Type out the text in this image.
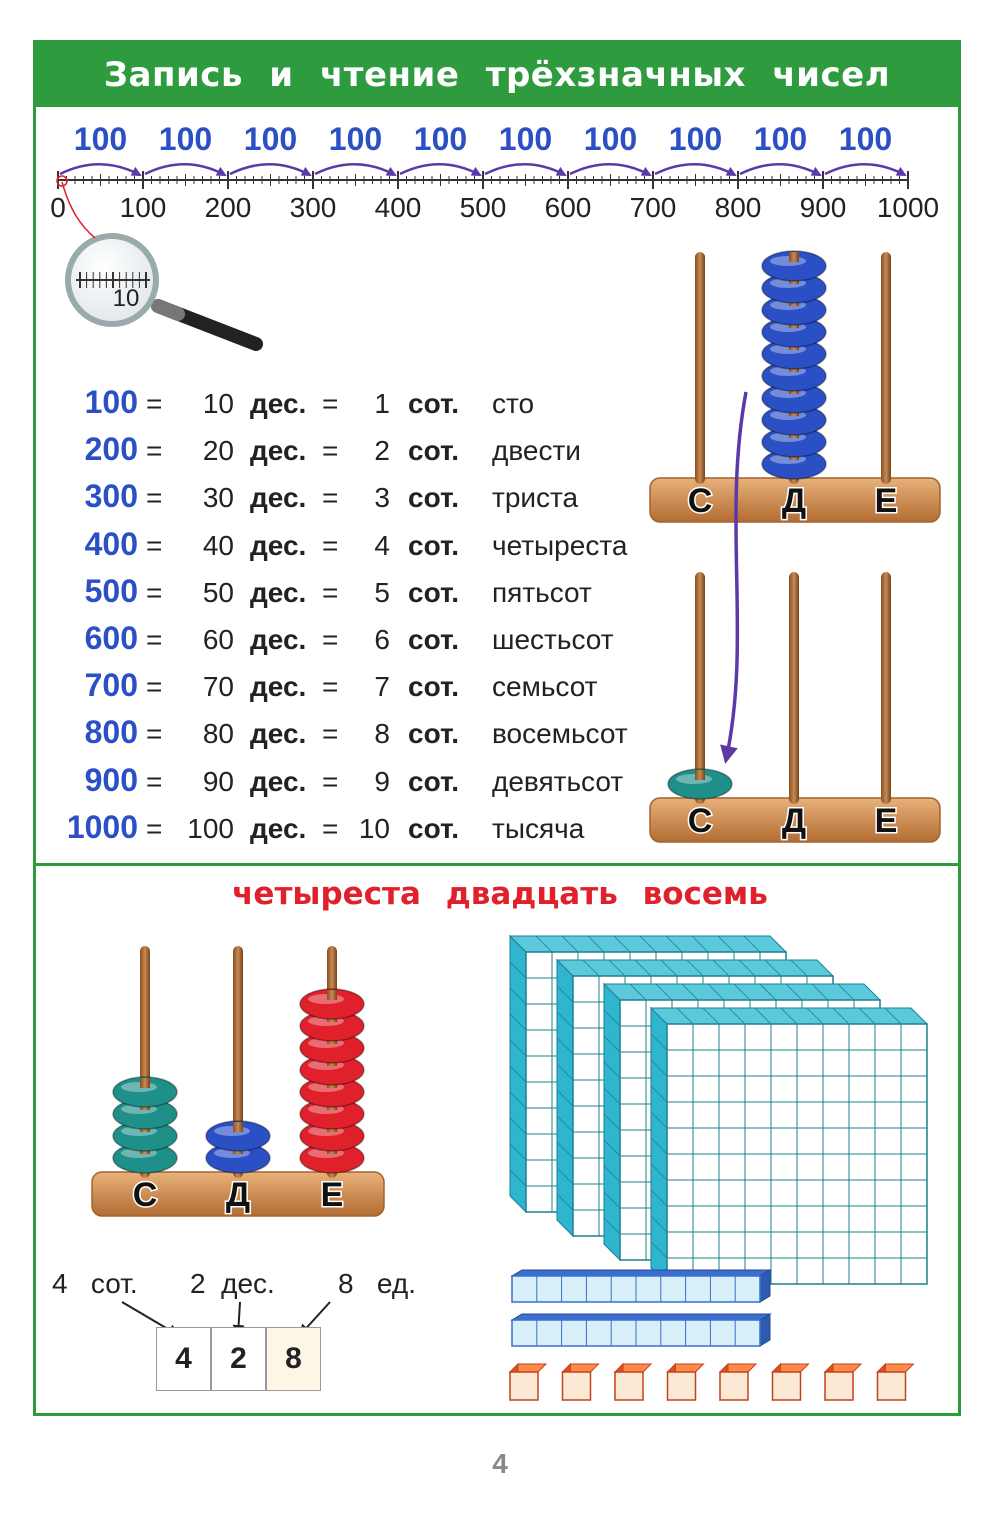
Запись и чтение трёхзначных чисел
0 100 200 300 400 500 600 700 800 900 1000
100 100 100 100 100 100 100 100 100 100
10
С Д Е
С Д Е
С Д Е
100 =	10 дес. =	1 сот.	сто
200 =	20 дес. =	2 сот.	двести
300 =	30 дес. =	3 сот.	триста
400 =	40 дес. =	4 сот.	четыреста
500 =	50 дес. =	5 сот.	пятьсот
600 =	60 дес. =	6 сот.	шестьсот
700 =	70 дес. =	7 сот.	семьсот
800 =	80 дес. =	8 сот.	восемьсот
900 =	90 дес. =	9 сот.	девятьсот
1000 = 100 дес. = 10 сот.	тысяча
четыреста двадцать восемь
4 сот. 2 дес. 8 ед.
4	2	8
4
